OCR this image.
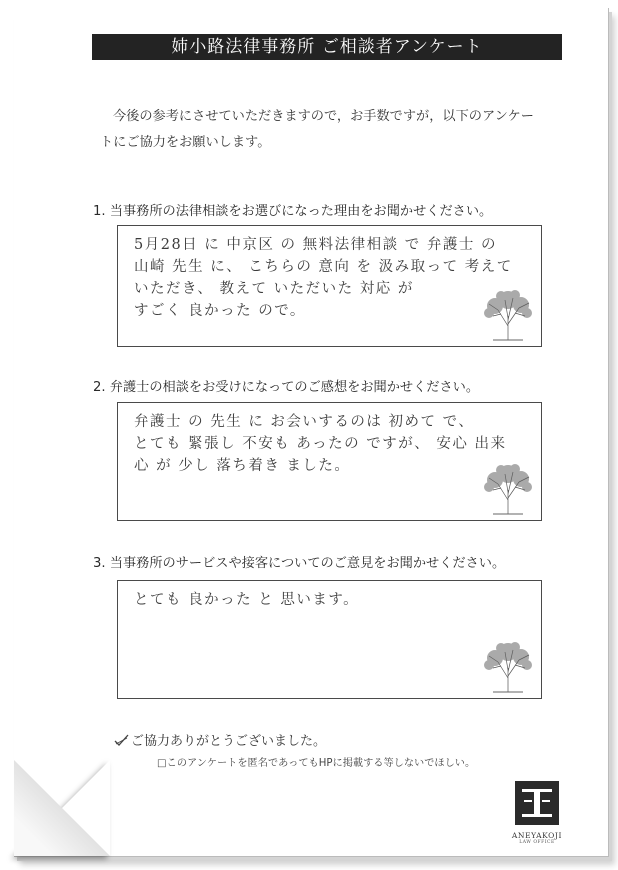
姉小路法律事務所 ご相談者アンケート
今後の参考にさせていただきますので，お手数ですが，以下のアンケー
トにご協力をお願いします。
1. 当事務所の法律相談をお選びになった理由をお聞かせください。
5月28日 に 中京区 の 無料法律相談 で 弁護士 の
山崎 先生 に、 こちらの 意向 を 汲み取って 考えて
いただき、 教えて いただいた 対応 が
すごく 良かった ので。
2. 弁護士の相談をお受けになってのご感想をお聞かせください。
弁護士 の 先生 に お会いするのは 初めて で、
とても 緊張し 不安も あったの ですが、 安心 出来
心 が 少し 落ち着き ました。
3. 当事務所のサービスや接客についてのご意見をお聞かせください。
とても 良かった と 思います。
ご協力ありがとうございました。
□このアンケートを匿名であってもHPに掲載する等しないでほしい。
ANEYAKOJI
LAW OFFICE
